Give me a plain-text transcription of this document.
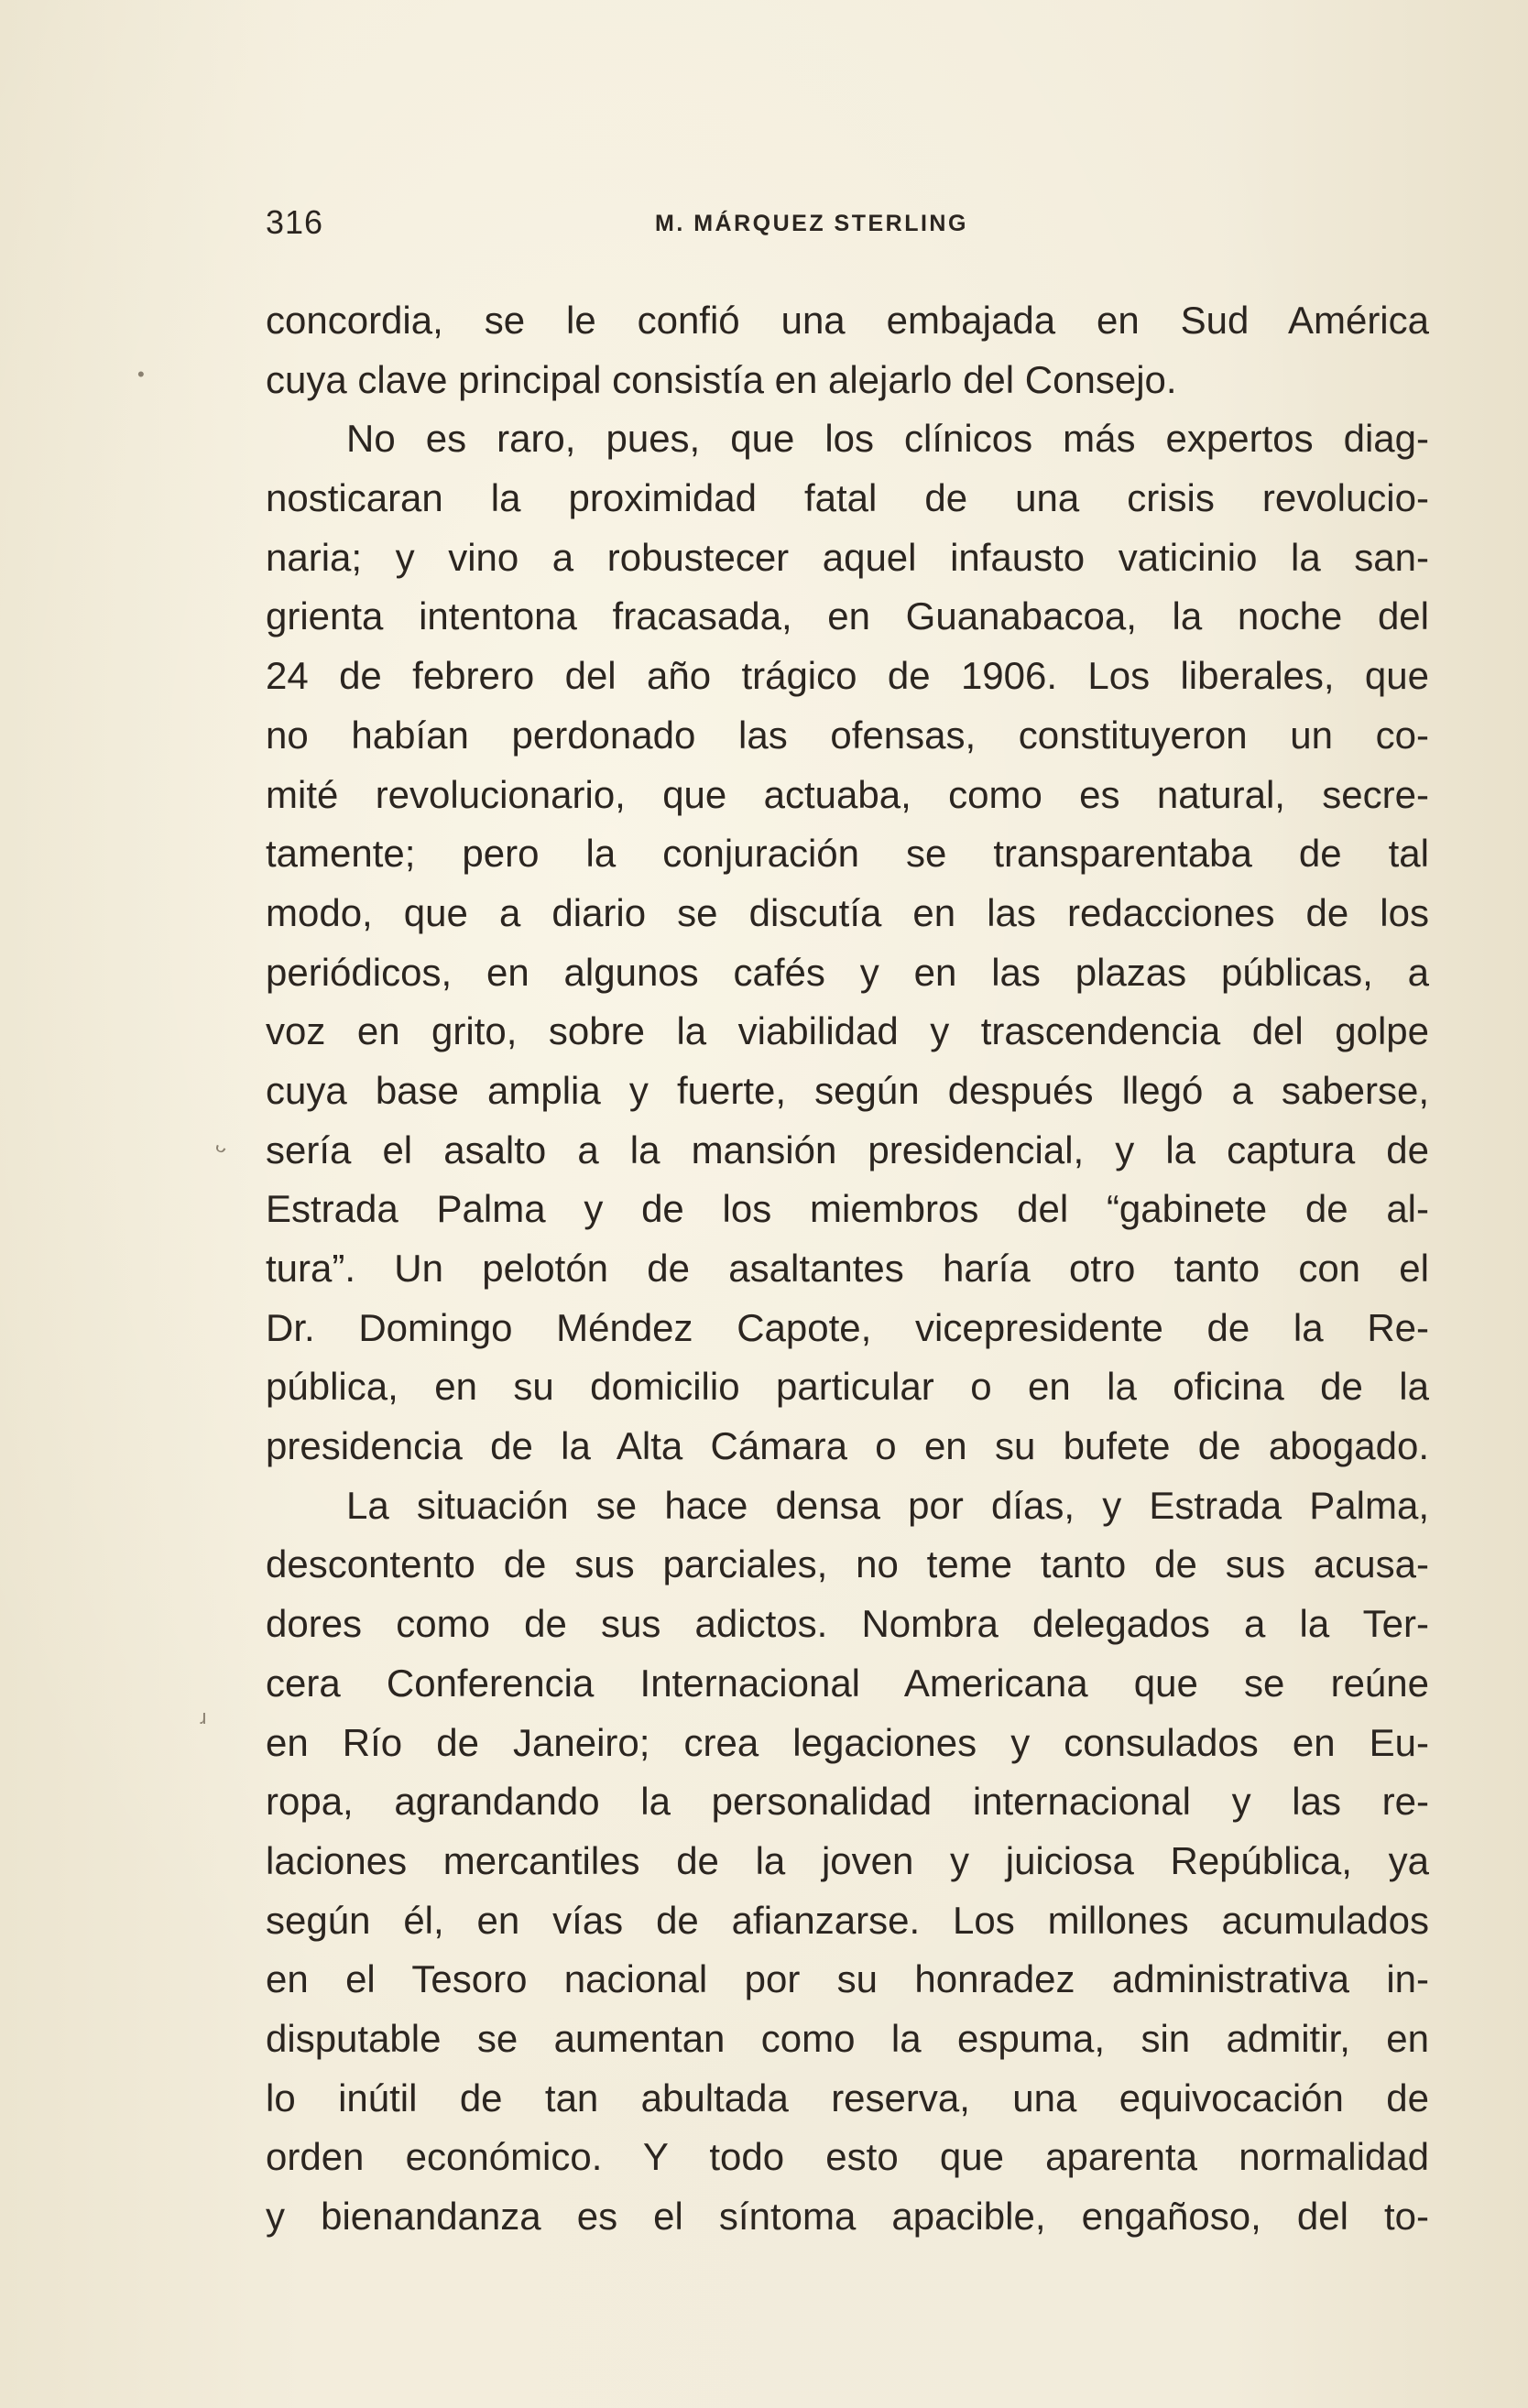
316	M. MÁRQUEZ STERLING
•
ᴗ
ɹ
concordia, se le confió una embajada en Sud América
cuya clave principal consistía en alejarlo del Consejo.
No es raro, pues, que los clínicos más expertos diag-
nosticaran la proximidad fatal de una crisis revolucio-
naria; y vino a robustecer aquel infausto vaticinio la san-
grienta intentona fracasada, en Guanabacoa, la noche del
24 de febrero del año trágico de 1906. Los liberales, que
no habían perdonado las ofensas, constituyeron un co-
mité revolucionario, que actuaba, como es natural, secre-
tamente; pero la conjuración se transparentaba de tal
modo, que a diario se discutía en las redacciones de los
periódicos, en algunos cafés y en las plazas públicas, a
voz en grito, sobre la viabilidad y trascendencia del golpe
cuya base amplia y fuerte, según después llegó a saberse,
sería el asalto a la mansión presidencial, y la captura de
Estrada Palma y de los miembros del “gabinete de al-
tura”. Un pelotón de asaltantes haría otro tanto con el
Dr. Domingo Méndez Capote, vicepresidente de la Re-
pública, en su domicilio particular o en la oficina de la
presidencia de la Alta Cámara o en su bufete de abogado.
La situación se hace densa por días, y Estrada Palma,
descontento de sus parciales, no teme tanto de sus acusa-
dores como de sus adictos. Nombra delegados a la Ter-
cera Conferencia Internacional Americana que se reúne
en Río de Janeiro; crea legaciones y consulados en Eu-
ropa, agrandando la personalidad internacional y las re-
laciones mercantiles de la joven y juiciosa República, ya
según él, en vías de afianzarse. Los millones acumulados
en el Tesoro nacional por su honradez administrativa in-
disputable se aumentan como la espuma, sin admitir, en
lo inútil de tan abultada reserva, una equivocación de
orden económico. Y todo esto que aparenta normalidad
y bienandanza es el síntoma apacible, engañoso, del to-
